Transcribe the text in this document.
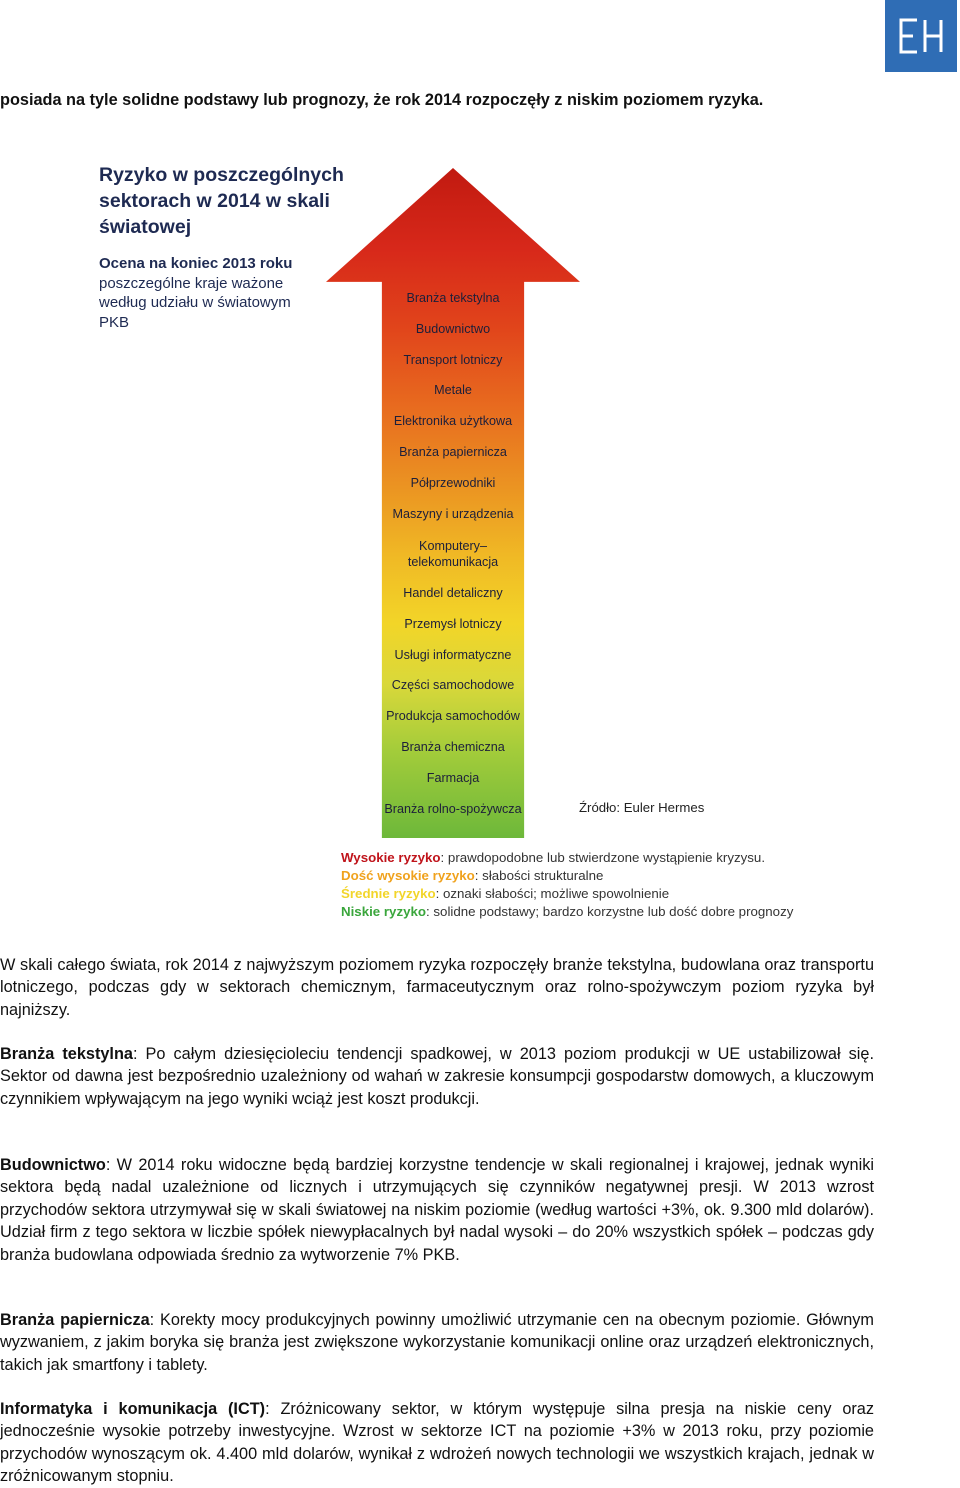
posiada na tyle solidne podstawy lub prognozy, że rok 2014 rozpoczęły z niskim poziomem ryzyka.

Ryzyko w poszczególnych sektorach w 2014 w skali światowej
Ocena na koniec 2013 roku
poszczególne kraje ważone według udziału w światowym PKB
Branża tekstylna
Budownictwo
Transport lotniczy
Metale
Elektronika użytkowa
Branża papiernicza
Półprzewodniki
Maszyny i urządzenia
Komputery–telekomunikacja
Handel detaliczny
Przemysł lotniczy
Usługi informatyczne
Części samochodowe
Produkcja samochodów
Branża chemiczna
Farmacja
Branża rolno-spożywcza	Źródło: Euler Hermes
Wysokie ryzyko: prawdopodobne lub stwierdzone wystąpienie kryzysu.
Dość wysokie ryzyko: słabości strukturalne
Średnie ryzyko: oznaki słabości; możliwe spowolnienie
Niskie ryzyko: solidne podstawy; bardzo korzystne lub dość dobre prognozy

W skali całego świata, rok 2014 z najwyższym poziomem ryzyka rozpoczęły branże tekstylna, budowlana oraz transportu lotniczego, podczas gdy w sektorach chemicznym, farmaceutycznym oraz rolno-spożywczym poziom ryzyka był najniższy.

Branża tekstylna: Po całym dziesięcioleciu tendencji spadkowej, w 2013 poziom produkcji w UE ustabilizował się. Sektor od dawna jest bezpośrednio uzależniony od wahań w zakresie konsumpcji gospodarstw domowych, a kluczowym czynnikiem wpływającym na jego wyniki wciąż jest koszt produkcji.

Budownictwo: W 2014 roku widoczne będą bardziej korzystne tendencje w skali regionalnej i krajowej, jednak wyniki sektora będą nadal uzależnione od licznych i utrzymujących się czynników negatywnej presji. W 2013 wzrost przychodów sektora utrzymywał się w skali światowej na niskim poziomie (według wartości +3%, ok. 9.300 mld dolarów). Udział firm z tego sektora w liczbie spółek niewypłacalnych był nadal wysoki – do 20% wszystkich spółek – podczas gdy branża budowlana odpowiada średnio za wytworzenie 7% PKB.

Branża papiernicza: Korekty mocy produkcyjnych powinny umożliwić utrzymanie cen na obecnym poziomie. Głównym wyzwaniem, z jakim boryka się branża jest zwiększone wykorzystanie komunikacji online oraz urządzeń elektronicznych, takich jak smartfony i tablety.

Informatyka i komunikacja (ICT): Zróżnicowany sektor, w którym występuje silna presja na niskie ceny oraz jednocześnie wysokie potrzeby inwestycyjne. Wzrost w sektorze ICT na poziomie +3% w 2013 roku, przy poziomie przychodów wynoszącym ok. 4.400 mld dolarów, wynikał z wdrożeń nowych technologii we wszystkich krajach, jednak w zróżnicowanym stopniu.
